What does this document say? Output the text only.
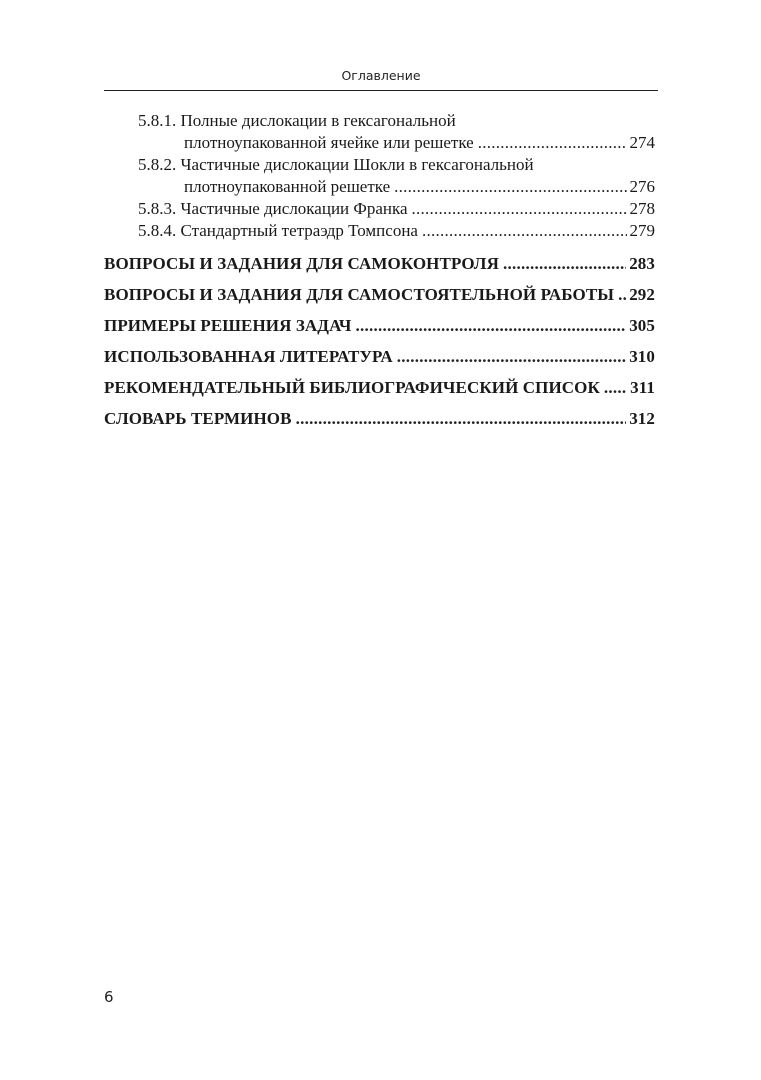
Оглавление
5.8.1. Полные дислокации в гексагональной
плотноупакованной ячейке или решетке . . .	274
5.8.2. Частичные дислокации Шокли в гексагональной
плотноупакованной решетке . . .	276
5.8.3. Частичные дислокации Франка . . .	278
5.8.4. Стандартный тетраэдр Томпсона . . .	279
ВОПРОСЫ И ЗАДАНИЯ ДЛЯ САМОКОНТРОЛЯ . . .	283
ВОПРОСЫ И ЗАДАНИЯ ДЛЯ САМОСТОЯТЕЛЬНОЙ РАБОТЫ . . . 292
ПРИМЕРЫ РЕШЕНИЯ ЗАДАЧ . . .	305
ИСПОЛЬЗОВАННАЯ ЛИТЕРАТУРА . . .	310
РЕКОМЕНДАТЕЛЬНЫЙ БИБЛИОГРАФИЧЕСКИЙ СПИСОК . . . 311
СЛОВАРЬ ТЕРМИНОВ . . .	312
6
